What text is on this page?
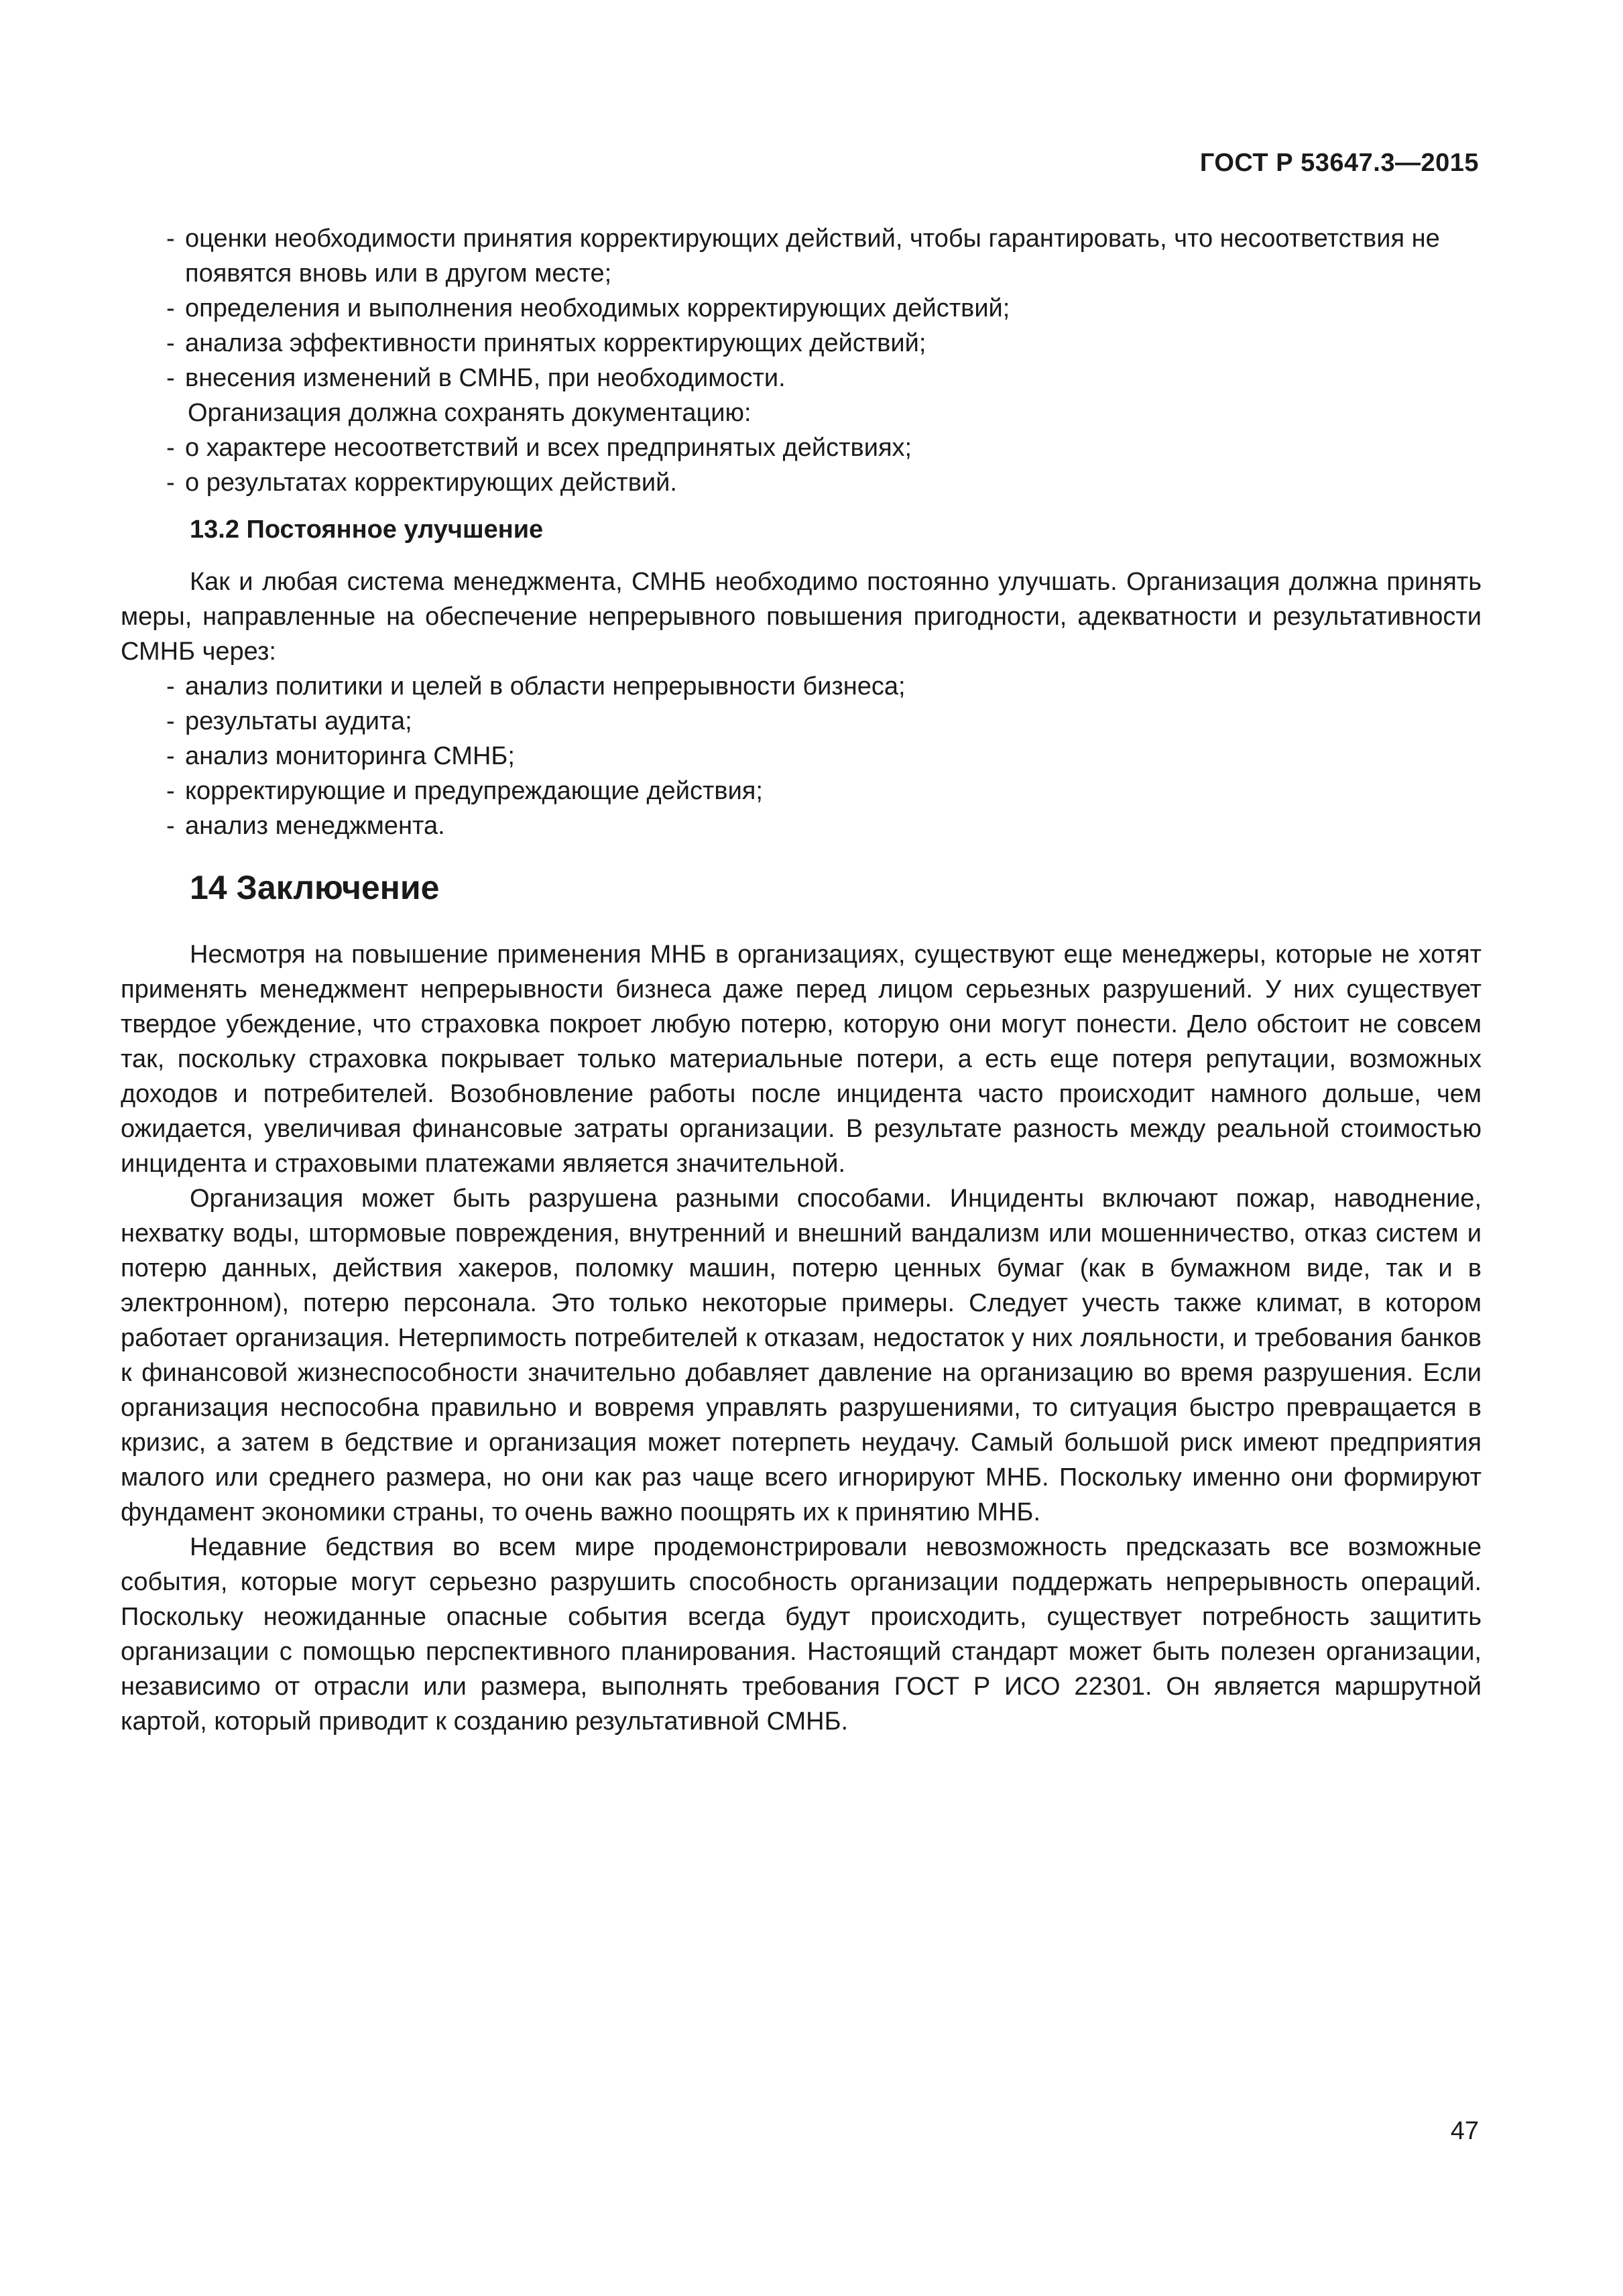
ГОСТ Р 53647.3—2015
- оценки необходимости принятия корректирующих действий, чтобы гарантировать, что несоответствия не появятся вновь или в другом месте;
- определения и выполнения необходимых корректирующих действий;
- анализа эффективности принятых корректирующих действий;
- внесения изменений в СМНБ, при необходимости.

Организация должна сохранять документацию:

- о характере несоответствий и всех предпринятых действиях;
- о результатах корректирующих действий.
13.2 Постоянное улучшение

Как и любая система менеджмента, СМНБ необходимо постоянно улучшать. Организация должна принять меры, направленные на обеспечение непрерывного повышения пригодности, адекватности и результативности СМНБ через:

- анализ политики и целей в области непрерывности бизнеса;
- результаты аудита;
- анализ мониторинга СМНБ;
- корректирующие и предупреждающие действия;
- анализ менеджмента.
14 Заключение

Несмотря на повышение применения МНБ в организациях, существуют еще менеджеры, которые не хотят применять менеджмент непрерывности бизнеса даже перед лицом серьезных разрушений. У них существует твердое убеждение, что страховка покроет любую потерю, которую они могут понести. Дело обстоит не совсем так, поскольку страховка покрывает только материальные потери, а есть еще потеря репутации, возможных доходов и потребителей. Возобновление работы после инцидента часто происходит намного дольше, чем ожидается, увеличивая финансовые затраты организации. В результате разность между реальной стоимостью инцидента и страховыми платежами является значительной.

Организация может быть разрушена разными способами. Инциденты включают пожар, наводнение, нехватку воды, штормовые повреждения, внутренний и внешний вандализм или мошенничество, отказ систем и потерю данных, действия хакеров, поломку машин, потерю ценных бумаг (как в бумажном виде, так и в электронном), потерю персонала. Это только некоторые примеры. Следует учесть также климат, в котором работает организация. Нетерпимость потребителей к отказам, недостаток у них лояльности, и требования банков к финансовой жизнеспособности значительно добавляет давление на организацию во время разрушения. Если организация неспособна правильно и вовремя управлять разрушениями, то ситуация быстро превращается в кризис, а затем в бедствие и организация может потерпеть неудачу. Самый большой риск имеют предприятия малого или среднего размера, но они как раз чаще всего игнорируют МНБ. Поскольку именно они формируют фундамент экономики страны, то очень важно поощрять их к принятию МНБ.

Недавние бедствия во всем мире продемонстрировали невозможность предсказать все возможные события, которые могут серьезно разрушить способность организации поддержать непрерывность операций. Поскольку неожиданные опасные события всегда будут происходить, существует потребность защитить организации с помощью перспективного планирования. Настоящий стандарт может быть полезен организации, независимо от отрасли или размера, выполнять требования ГОСТ Р ИСО 22301. Он является маршрутной картой, который приводит к созданию результативной СМНБ.

47
